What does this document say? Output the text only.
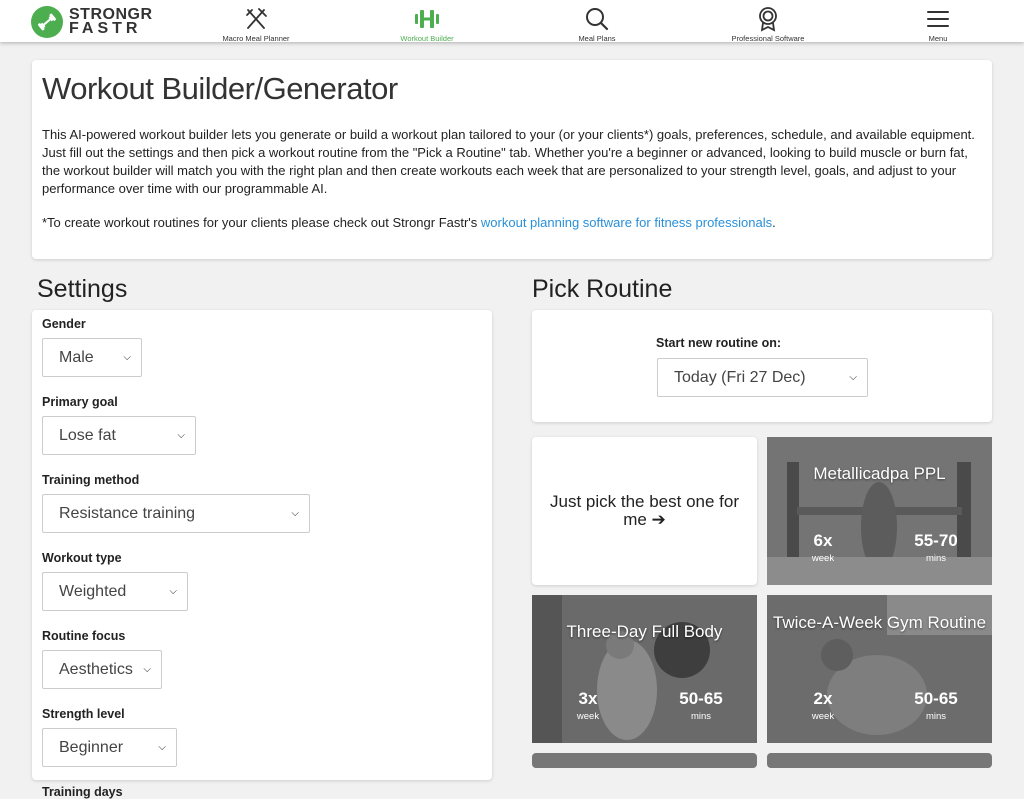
STRONGR
FASTR
Macro Meal Planner	Workout Builder	Meal Plans	Professional Software	Menu
Workout Builder/Generator

This AI-powered workout builder lets you generate or build a workout plan tailored to your (or your clients*) goals, preferences, schedule, and available equipment. Just fill out the settings and then pick a workout routine from the "Pick a Routine" tab. Whether you're a beginner or advanced, looking to build muscle or burn fat, the workout builder will match you with the right plan and then create workouts each week that are personalized to your strength level, goals, and adjust to your performance over time with our programmable AI.

*To create workout routines for your clients please check out Strongr Fastr's workout planning software for fitness professionals.

Settings	Pick Routine
Gender
Male	⌵
Primary goal
Lose fat	⌵
Training method
Resistance training	⌵
Workout type
Weighted	⌵
Routine focus
Aesthetics ⌵
Strength level
Beginner	⌵
Training days
Start new routine on:
Today (Fri 27 Dec)	⌵
Just pick the best one for me ➔
Metallicadpa PPL
6x
week
55-70
mins
Three-Day Full Body
3x
week
50-65
mins
Twice-A-Week Gym Routine
2x
week
50-65
mins
